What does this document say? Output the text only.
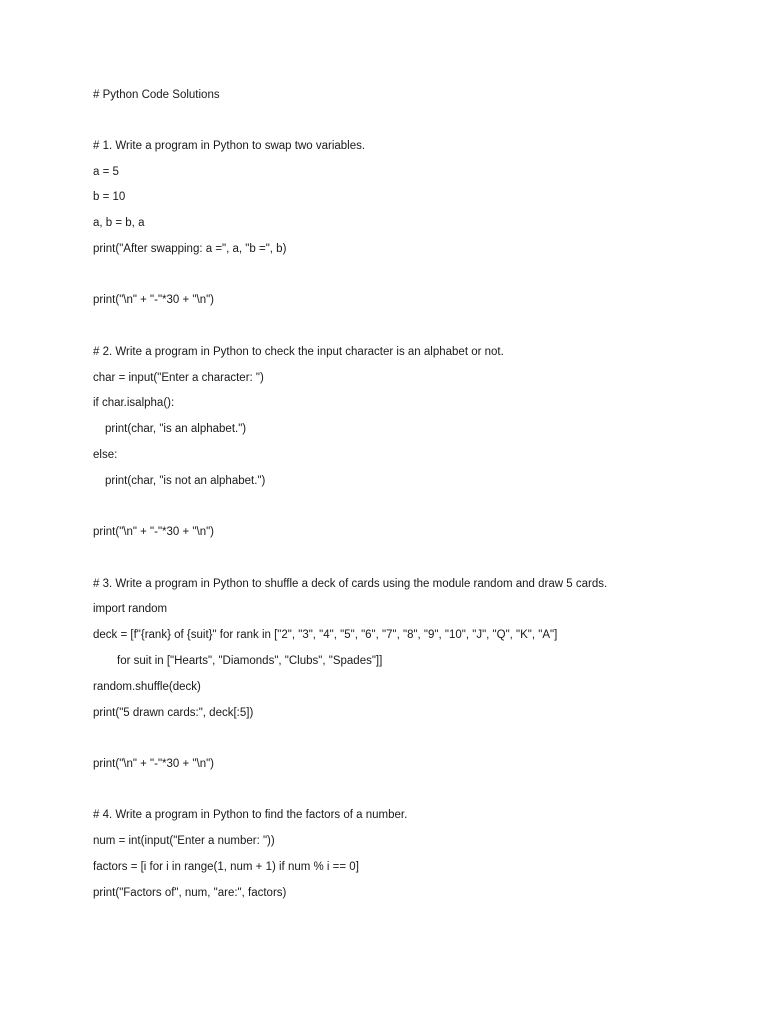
# Python Code Solutions
# 1. Write a program in Python to swap two variables.
a = 5
b = 10
a, b = b, a
print("After swapping: a =", a, "b =", b)
print("\n" + "-"*30 + "\n")
# 2. Write a program in Python to check the input character is an alphabet or not.
char = input("Enter a character: ")
if char.isalpha():
print(char, "is an alphabet.")
else:
print(char, "is not an alphabet.")
print("\n" + "-"*30 + "\n")
# 3. Write a program in Python to shuffle a deck of cards using the module random and draw 5 cards.
import random
deck = [f"{rank} of {suit}" for rank in ["2", "3", "4", "5", "6", "7", "8", "9", "10", "J", "Q", "K", "A"]
for suit in ["Hearts", "Diamonds", "Clubs", "Spades"]]
random.shuffle(deck)
print("5 drawn cards:", deck[:5])
print("\n" + "-"*30 + "\n")
# 4. Write a program in Python to find the factors of a number.
num = int(input("Enter a number: "))
factors = [i for i in range(1, num + 1) if num % i == 0]
print("Factors of", num, "are:", factors)
